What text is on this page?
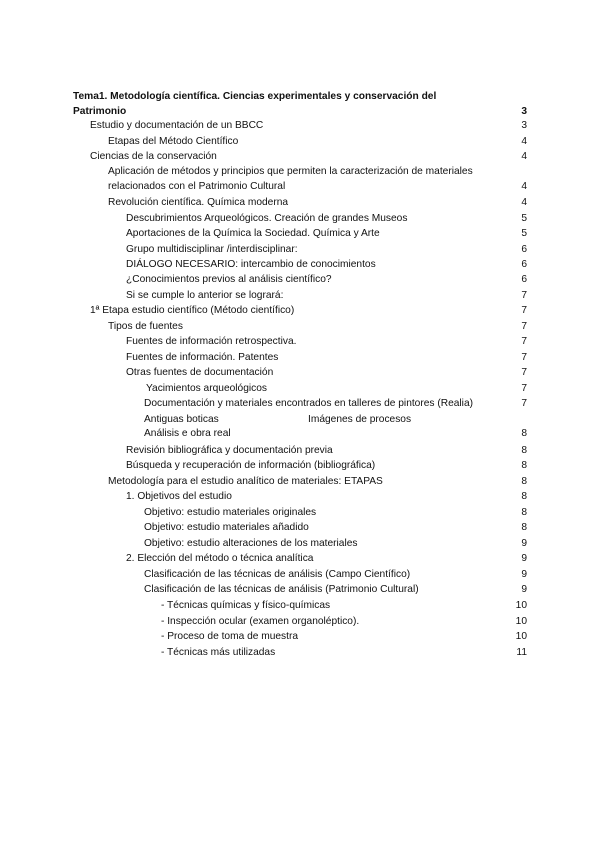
Tema1. Metodología científica. Ciencias experimentales y conservación del
Patrimonio	3
Estudio y documentación de un BBCC	3
Etapas del Método Científico	4
Ciencias de la conservación	4
Aplicación de métodos y principios que permiten la caracterización de materiales
relacionados con el Patrimonio Cultural	4
Revolución científica. Química moderna	4
Descubrimientos Arqueológicos. Creación de grandes Museos	5
Aportaciones de la Química la Sociedad. Química y Arte	5
Grupo multidisciplinar /interdisciplinar:	6
DIÁLOGO NECESARIO: intercambio de conocimientos	6
¿Conocimientos previos al análisis científico?	6
Si se cumple lo anterior se logrará:	7
1ª Etapa estudio científico (Método científico)	7
Tipos de fuentes	7
Fuentes de información retrospectiva.	7
Fuentes de información. Patentes	7
Otras fuentes de documentación	7
Yacimientos arqueológicos	7
Documentación y materiales encontrados en talleres de pintores (Realia)	7
Antiguas boticas	Imágenes de procesos
Análisis e obra real	8
Revisión bibliográfica y documentación previa	8
Búsqueda y recuperación de información (bibliográfica)	8
Metodología para el estudio analítico de materiales: ETAPAS	8
1. Objetivos del estudio	8
Objetivo: estudio materiales originales	8
Objetivo: estudio materiales añadido	8
Objetivo: estudio alteraciones de los materiales	9
2. Elección del método o técnica analítica	9
Clasificación de las técnicas de análisis (Campo Científico)	9
Clasificación de las técnicas de análisis (Patrimonio Cultural)	9
- Técnicas químicas y físico-químicas	10
- Inspección ocular (examen organoléptico).	10
- Proceso de toma de muestra	10
- Técnicas más utilizadas	11
